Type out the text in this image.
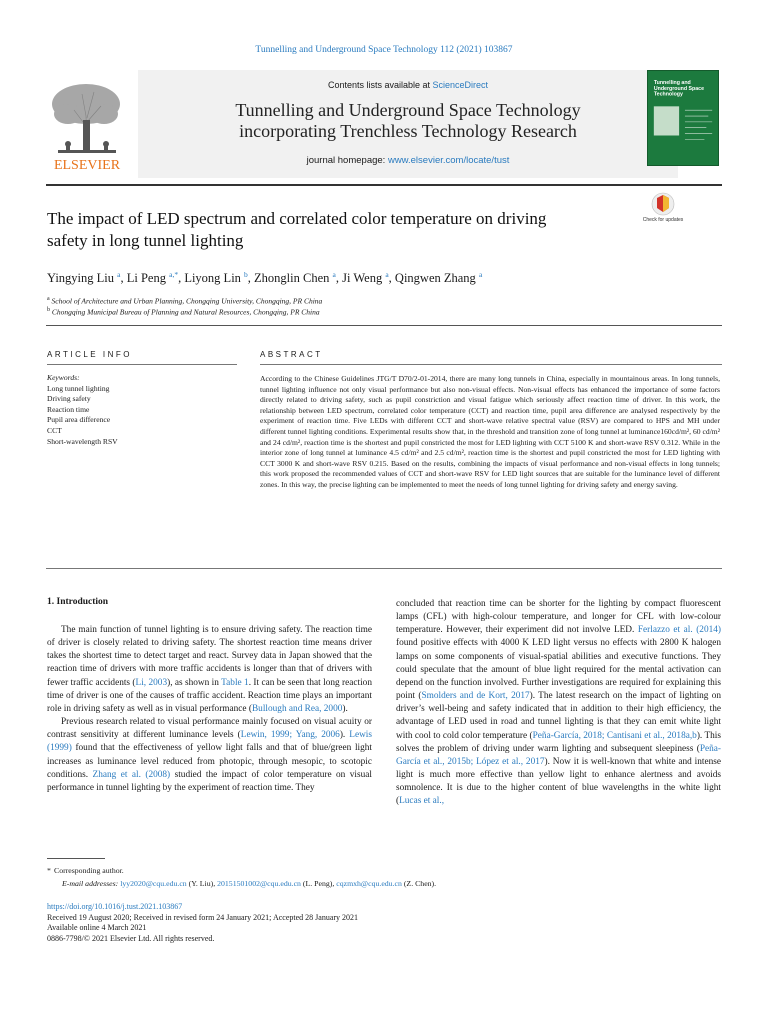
Tunnelling and Underground Space Technology 112 (2021) 103867
ELSEVIER
Tunnelling and Underground Space Technology
Contents lists available at ScienceDirect
Tunnelling and Underground Space Technology
incorporating Trenchless Technology Research
journal homepage: www.elsevier.com/locate/tust
The impact of LED spectrum and correlated color temperature on driving
safety in long tunnel lighting
Check for updates
Yingying Liu $^a$, Li Peng $^{a,*}$, Liyong Lin $^b$, Zhonglin Chen $^a$, Ji Weng $^a$, Qingwen Zhang $^a$
$^a$ School of Architecture and Urban Planning, Chongqing University, Chongqing, PR China
$^b$ Chongqing Municipal Bureau of Planning and Natural Resources, Chongqing, PR China
ARTICLE INFO	ABSTRACT
Keywords:
Long tunnel lighting
Driving safety
Reaction time
Pupil area difference
CCT
Short-wavelength RSV
According to the Chinese Guidelines JTG/T D70/2-01-2014, there are many long tunnels in China, especially in mountainous areas. In long tunnels, tunnel lighting influence not only visual performance but also non-visual effects. Non-visual effects has enhanced the importance of some factors directly related to driving safety, such as pupil constriction and visual fatigue which seriously affect reaction time of driver. In this work, the relationship between LED spectrum, correlated color temperature (CCT) and reaction time, pupil area difference are analysed respectively by the experiment of reaction time. Five LEDs with different CCT and short-wave relative spectral value (RSV) are compared to HPS and MH under different tunnel lighting conditions. Experimental results show that, in the threshold and transition zone of long tunnel at luminance160cd/m², 60 cd/m² and 24 cd/m², reaction time is the shortest and pupil constricted the most for LED lighting with CCT 5100 K and short-wave RSV 0.312. While in the interior zone of long tunnel at luminance 4.5 cd/m² and 2.5 cd/m², reaction time is the shortest and pupil constricted the most for LED lighting with CCT 3000 K and short-wave RSV 0.215. Based on the results, combining the impacts of visual performance and non-visual effects in long tunnels; this work proposed the recommended values of CCT and short-wave RSV for LED light sources that are suitable for the luminance level of different zones. In this way, the precise lighting can be implemented to meet the needs of long tunnel lighting for driving safety and energy saving.
1. Introduction

The main function of tunnel lighting is to ensure driving safety. The reaction time of driver is closely related to driving safety. The shortest reaction time means driver takes the shortest time to detect target and react. Survey data in Japan showed that the reaction time of drivers with more traffic accidents is longer than that of drivers with fewer traffic accidents (Li, 2003), as shown in Table 1. It can be seen that long reaction time of driver is one of the causes of traffic accident. Reaction time plays an important role in driving safety as well as in visual performance (Bullough and Rea, 2000).

Previous research related to visual performance mainly focused on visual acuity or contrast sensitivity at different luminance levels (Lewin, 1999; Yang, 2006). Lewis (1999) found that the effectiveness of yellow light falls and that of blue/green light increases as luminance level reduced from photopic, through mesopic, to scotopic conditions. Zhang et al. (2008) studied the impact of color temperature on visual performance in tunnel lighting by the experiment of reaction time. They

concluded that reaction time can be shorter for the lighting by compact fluorescent lamps (CFL) with high-colour temperature, and longer for CFL with low-colour temperature. However, their experiment did not involve LED. Ferlazzo et al. (2014) found positive effects with 4000 K LED light versus no effects with 2800 K halogen lamps on some components of visual-spatial abilities and executive functions. They could speculate that the amount of blue light required for the mental activation can depend on the function involved. Further investigations are required for explaining this point (Smolders and de Kort, 2017). The latest research on the impact of lighting on driver’s well-being and safety indicated that in addition to their high efficiency, the advantage of LED used in road and tunnel lighting is that they can emit white light with cool to cold color temperature (Peña-García, 2018; Cantisani et al., 2018a,b). This solves the problem of driving under warm lighting and subsequent sleepiness (Peña-García et al., 2015b; López et al., 2017). Now it is well-known that white and intense light is much more effective than yellow light to enhance alertness and avoids somnolence. It is due to the higher content of blue wavelengths in the white light (Lucas et al.,

* Corresponding author.
E-mail addresses: lyy2020@cqu.edu.cn (Y. Liu), 20151501002@cqu.edu.cn (L. Peng), cqzmxh@cqu.edu.cn (Z. Chen).
https://doi.org/10.1016/j.tust.2021.103867
Received 19 August 2020; Received in revised form 24 January 2021; Accepted 28 January 2021
Available online 4 March 2021
0886-7798/© 2021 Elsevier Ltd. All rights reserved.
